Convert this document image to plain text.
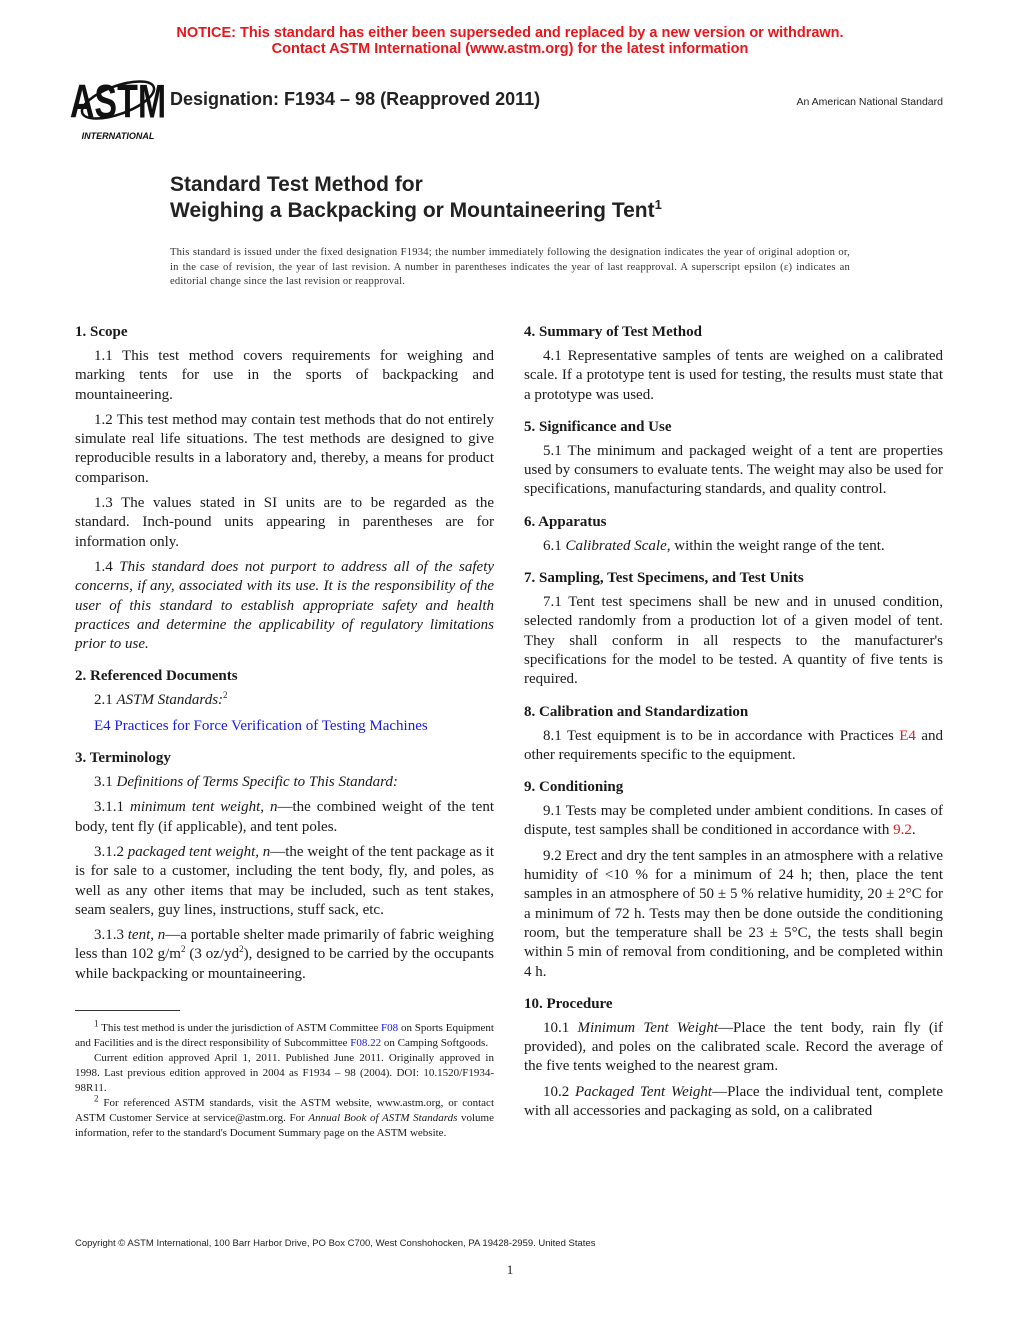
NOTICE: This standard has either been superseded and replaced by a new version or withdrawn.
Contact ASTM International (www.astm.org) for the latest information
ASTM
INTERNATIONAL
Designation: F1934 – 98 (Reapproved 2011)	An American National Standard
Standard Test Method for
Weighing a Backpacking or Mountaineering Tent$^1$
This standard is issued under the fixed designation F1934; the number immediately following the designation indicates the year of original adoption or, in the case of revision, the year of last revision. A number in parentheses indicates the year of last reapproval. A superscript epsilon (ε) indicates an editorial change since the last revision or reapproval.
1. Scope
1.1 This test method covers requirements for weighing and marking tents for use in the sports of backpacking and mountaineering.
1.2 This test method may contain test methods that do not entirely simulate real life situations. The test methods are designed to give reproducible results in a laboratory and, thereby, a means for product comparison.
1.3 The values stated in SI units are to be regarded as the standard. Inch-pound units appearing in parentheses are for information only.
1.4 This standard does not purport to address all of the safety concerns, if any, associated with its use. It is the responsibility of the user of this standard to establish appropriate safety and health practices and determine the applicability of regulatory limitations prior to use.
2. Referenced Documents
2.1 ASTM Standards:$^2$
E4 Practices for Force Verification of Testing Machines
3. Terminology
3.1 Definitions of Terms Specific to This Standard:
3.1.1 minimum tent weight, n—the combined weight of the tent body, tent fly (if applicable), and tent poles.
3.1.2 packaged tent weight, n—the weight of the tent package as it is for sale to a customer, including the tent body, fly, and poles, as well as any other items that may be included, such as tent stakes, seam sealers, guy lines, instructions, stuff sack, etc.
3.1.3 tent, n—a portable shelter made primarily of fabric weighing less than 102 $g/m^2$ (3 $oz/yd^2$), designed to be carried by the occupants while backpacking or mountaineering.
4. Summary of Test Method
4.1 Representative samples of tents are weighed on a calibrated scale. If a prototype tent is used for testing, the results must state that a prototype was used.
5. Significance and Use
5.1 The minimum and packaged weight of a tent are properties used by consumers to evaluate tents. The weight may also be used for specifications, manufacturing standards, and quality control.
6. Apparatus
6.1 Calibrated Scale, within the weight range of the tent.
7. Sampling, Test Specimens, and Test Units
7.1 Tent test specimens shall be new and in unused condition, selected randomly from a production lot of a given model of tent. They shall conform in all respects to the manufacturer's specifications for the model to be tested. A quantity of five tents is required.
8. Calibration and Standardization
8.1 Test equipment is to be in accordance with Practices E4 and other requirements specific to the equipment.
9. Conditioning
9.1 Tests may be completed under ambient conditions. In cases of dispute, test samples shall be conditioned in accordance with 9.2.
9.2 Erect and dry the tent samples in an atmosphere with a relative humidity of <10 % for a minimum of 24 h; then, place the tent samples in an atmosphere of 50 ± 5 % relative humidity, 20 ± 2°C for a minimum of 72 h. Tests may then be done outside the conditioning room, but the temperature shall be 23 ± 5°C, the tests shall begin within 5 min of removal from conditioning, and be completed within 4 h.
10. Procedure
10.1 Minimum Tent Weight—Place the tent body, rain fly (if provided), and poles on the calibrated scale. Record the average of the five tents weighed to the nearest gram.
10.2 Packaged Tent Weight—Place the individual tent, complete with all accessories and packaging as sold, on a calibrated
$^1$ This test method is under the jurisdiction of ASTM Committee F08 on Sports Equipment and Facilities and is the direct responsibility of Subcommittee F08.22 on Camping Softgoods.
Current edition approved April 1, 2011. Published June 2011. Originally approved in 1998. Last previous edition approved in 2004 as F1934 – 98 (2004). DOI: 10.1520/F1934-98R11.
$^2$ For referenced ASTM standards, visit the ASTM website, www.astm.org, or contact ASTM Customer Service at service@astm.org. For Annual Book of ASTM Standards volume information, refer to the standard's Document Summary page on the ASTM website.
Copyright © ASTM International, 100 Barr Harbor Drive, PO Box C700, West Conshohocken, PA 19428-2959. United States
1
